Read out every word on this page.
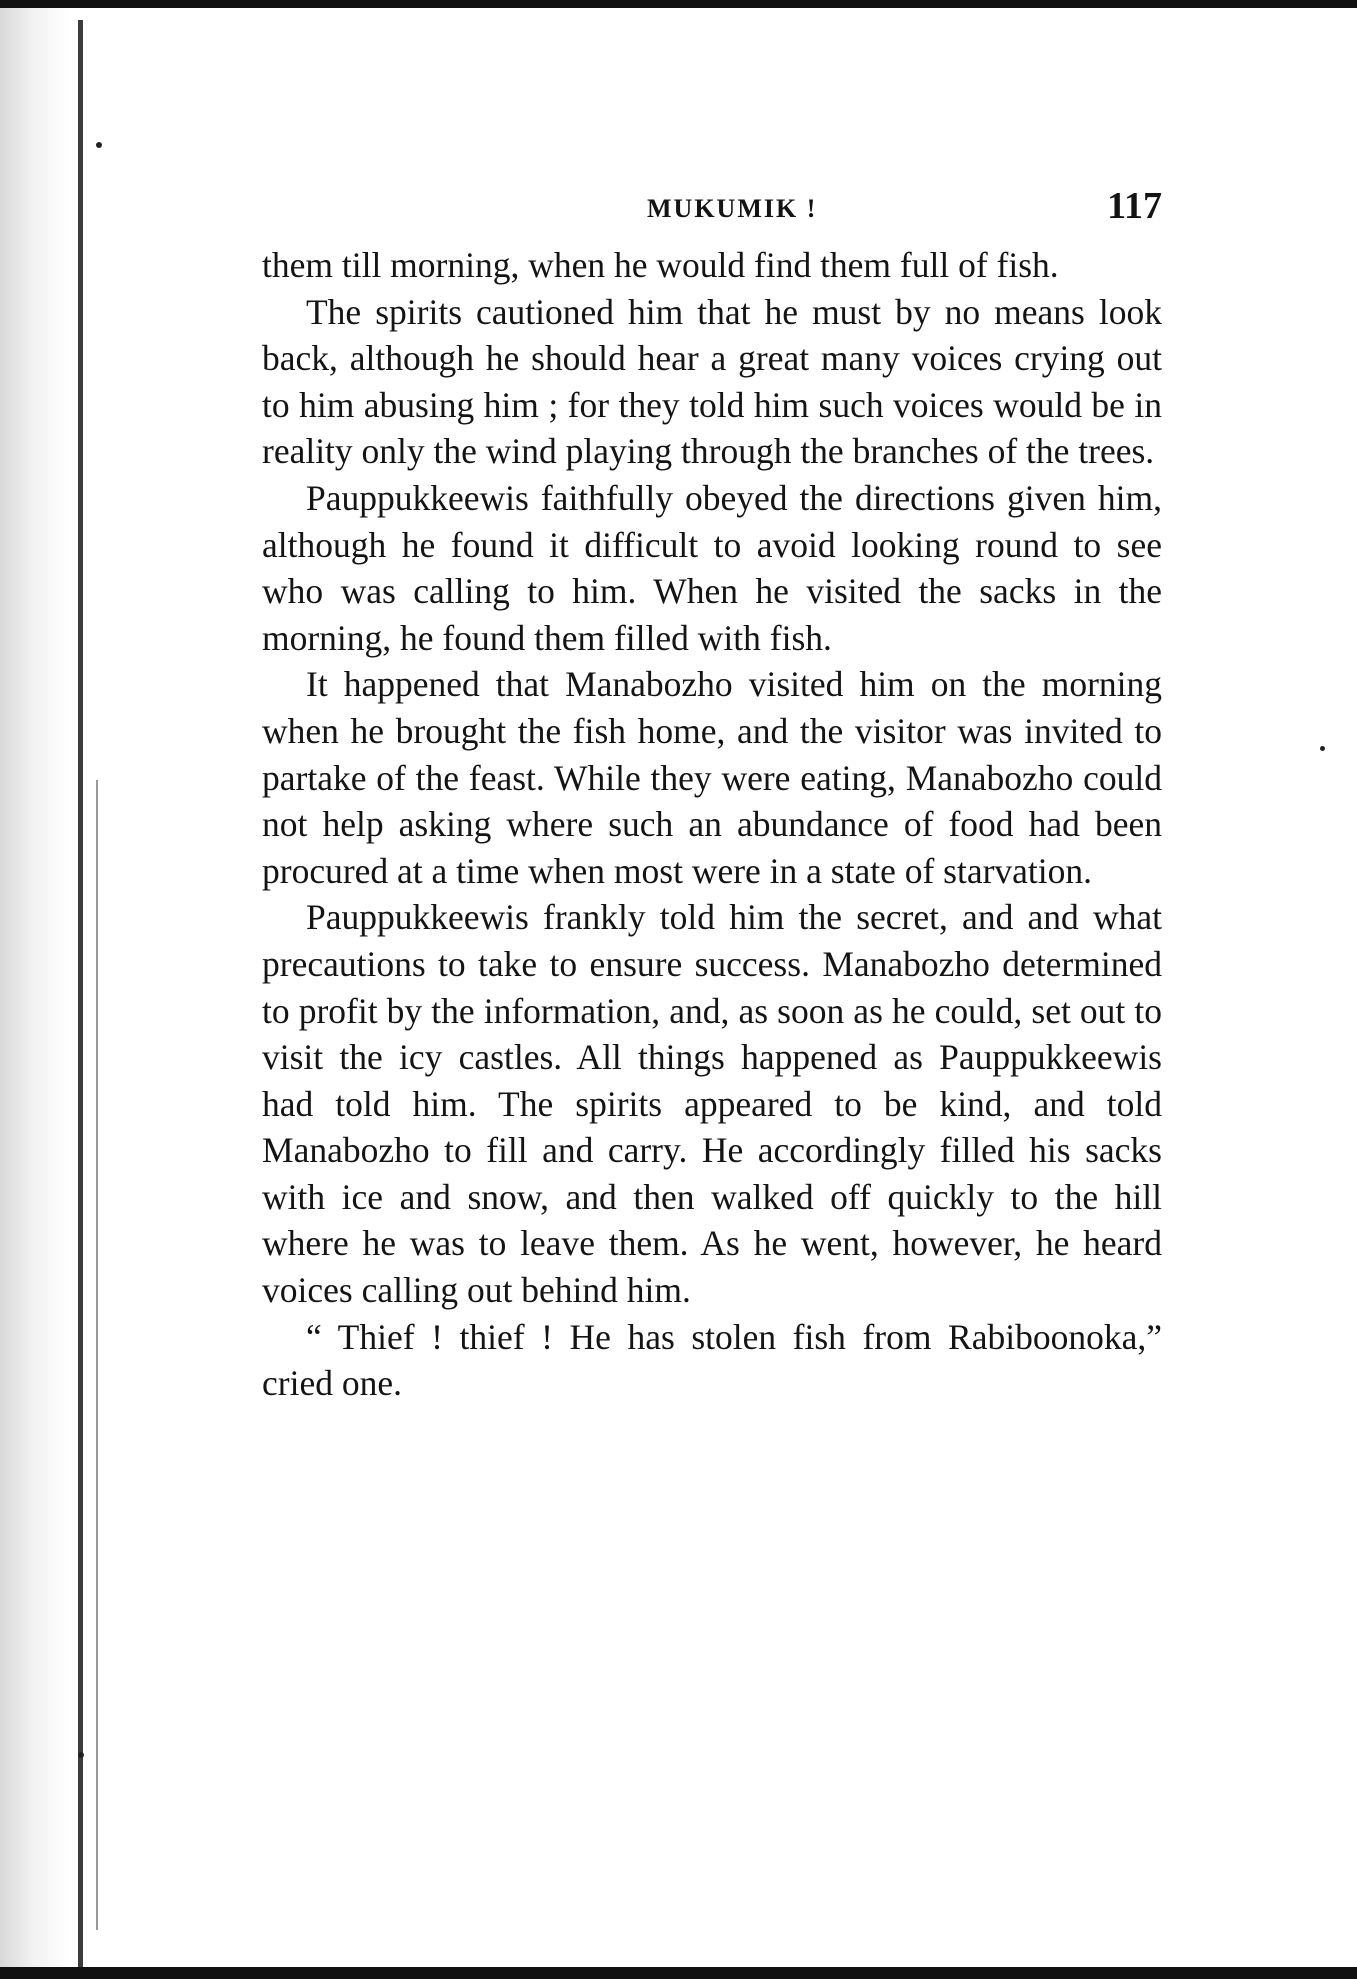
MUKUMIK !	117

them till morning, when he would find them full of fish.

The spirits cautioned him that he must by no means look back, although he should hear a great many voices crying out to him abusing him ; for they told him such voices would be in reality only the wind playing through the branches of the trees.

Pauppukkeewis faithfully obeyed the directions given him, although he found it difficult to avoid looking round to see who was calling to him. When he visited the sacks in the morning, he found them filled with fish.

It happened that Manabozho visited him on the morning when he brought the fish home, and the visitor was invited to partake of the feast. While they were eating, Manabozho could not help asking where such an abundance of food had been procured at a time when most were in a state of starvation.

Pauppukkeewis frankly told him the secret, and and what precautions to take to ensure success. Manabozho determined to profit by the information, and, as soon as he could, set out to visit the icy castles. All things happened as Pauppukkeewis had told him. The spirits appeared to be kind, and told Manabozho to fill and carry. He accordingly filled his sacks with ice and snow, and then walked off quickly to the hill where he was to leave them. As he went, however, he heard voices calling out behind him.

“ Thief ! thief ! He has stolen fish from Rabiboonoka,” cried one.
